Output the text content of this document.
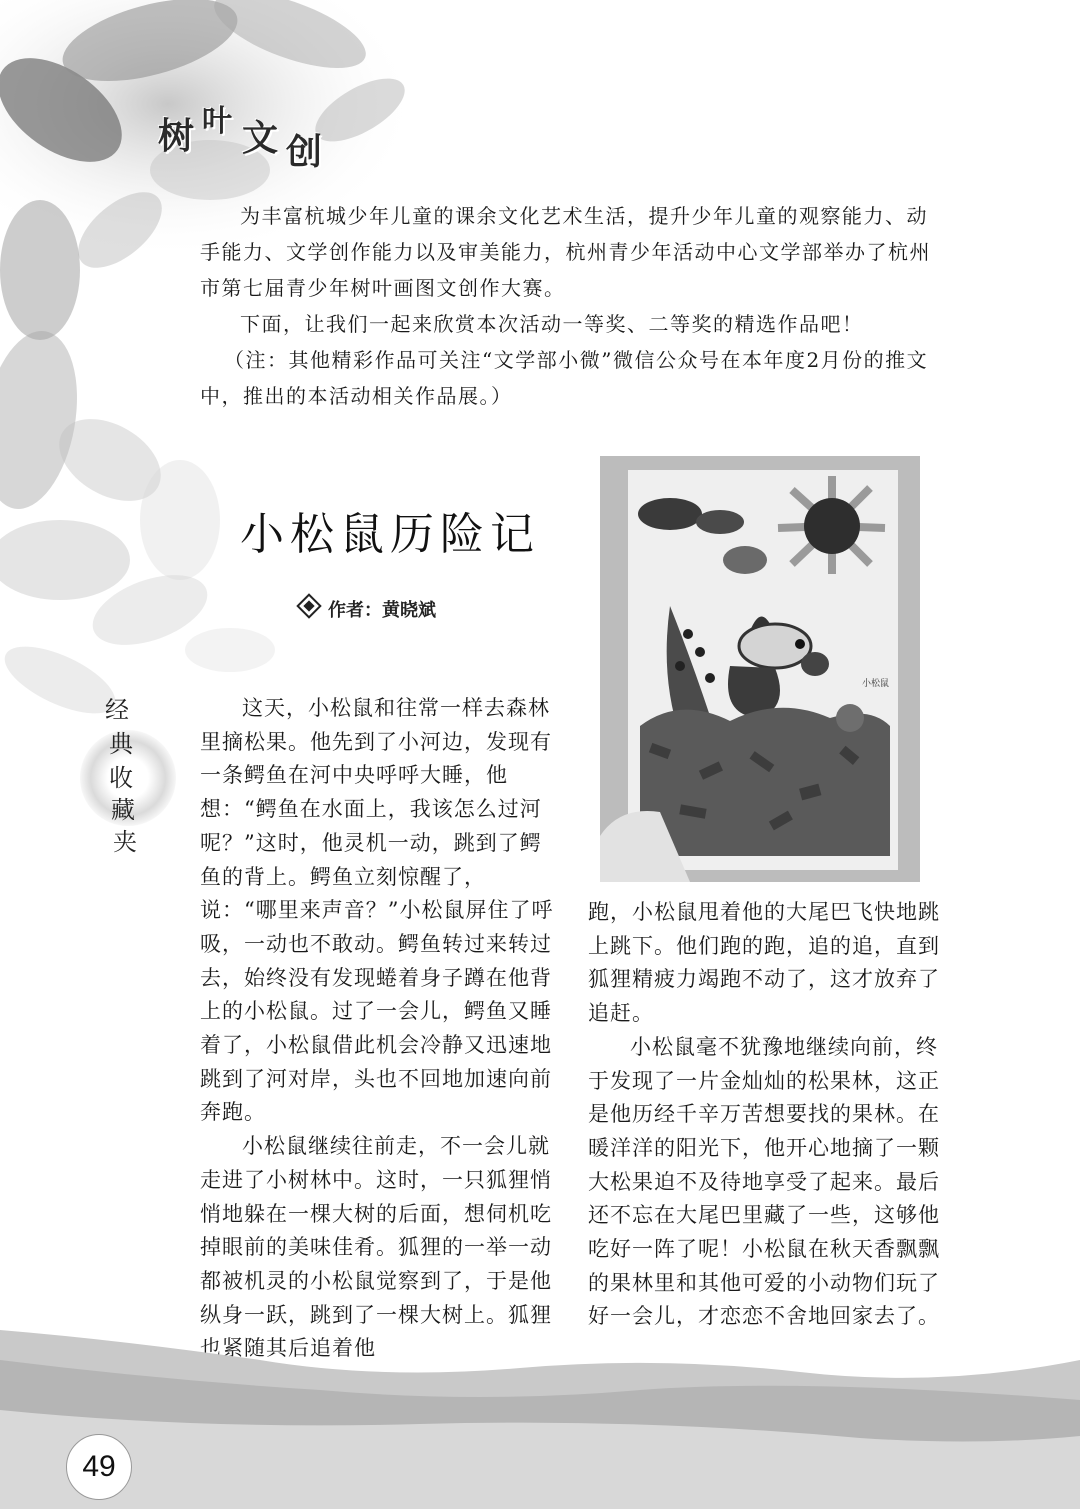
树 叶 文 创

为丰富杭城少年儿童的课余文化艺术生活，提升少年儿童的观察能力、动手能力、文学创作能力以及审美能力，杭州青少年活动中心文学部举办了杭州市第七届青少年树叶画图文创作大赛。

下面，让我们一起来欣赏本次活动一等奖、二等奖的精选作品吧！

（注：其他精彩作品可关注“文学部小微”微信公众号在本年度2月份的推文中，推出的本活动相关作品展。）

经
典
收
藏
夹
小松鼠历险记
作者：黄晓斌
小松鼠

这天，小松鼠和往常一样去森林里摘松果。他先到了小河边，发现有一条鳄鱼在河中央呼呼大睡，他想：“鳄鱼在水面上，我该怎么过河呢？”这时，他灵机一动，跳到了鳄鱼的背上。鳄鱼立刻惊醒了，说：“哪里来声音？”小松鼠屏住了呼吸，一动也不敢动。鳄鱼转过来转过去，始终没有发现蜷着身子蹲在他背上的小松鼠。过了一会儿，鳄鱼又睡着了，小松鼠借此机会冷静又迅速地跳到了河对岸，头也不回地加速向前奔跑。

小松鼠继续往前走，不一会儿就走进了小树林中。这时，一只狐狸悄悄地躲在一棵大树的后面，想伺机吃掉眼前的美味佳肴。狐狸的一举一动都被机灵的小松鼠觉察到了，于是他纵身一跃，跳到了一棵大树上。狐狸也紧随其后追着他

跑，小松鼠甩着他的大尾巴飞快地跳上跳下。他们跑的跑，追的追，直到狐狸精疲力竭跑不动了，这才放弃了追赶。

小松鼠毫不犹豫地继续向前，终于发现了一片金灿灿的松果林，这正是他历经千辛万苦想要找的果林。在暖洋洋的阳光下，他开心地摘了一颗大松果迫不及待地享受了起来。最后还不忘在大尾巴里藏了一些，这够他吃好一阵了呢！小松鼠在秋天香飘飘的果林里和其他可爱的小动物们玩了好一会儿，才恋恋不舍地回家去了。

49
